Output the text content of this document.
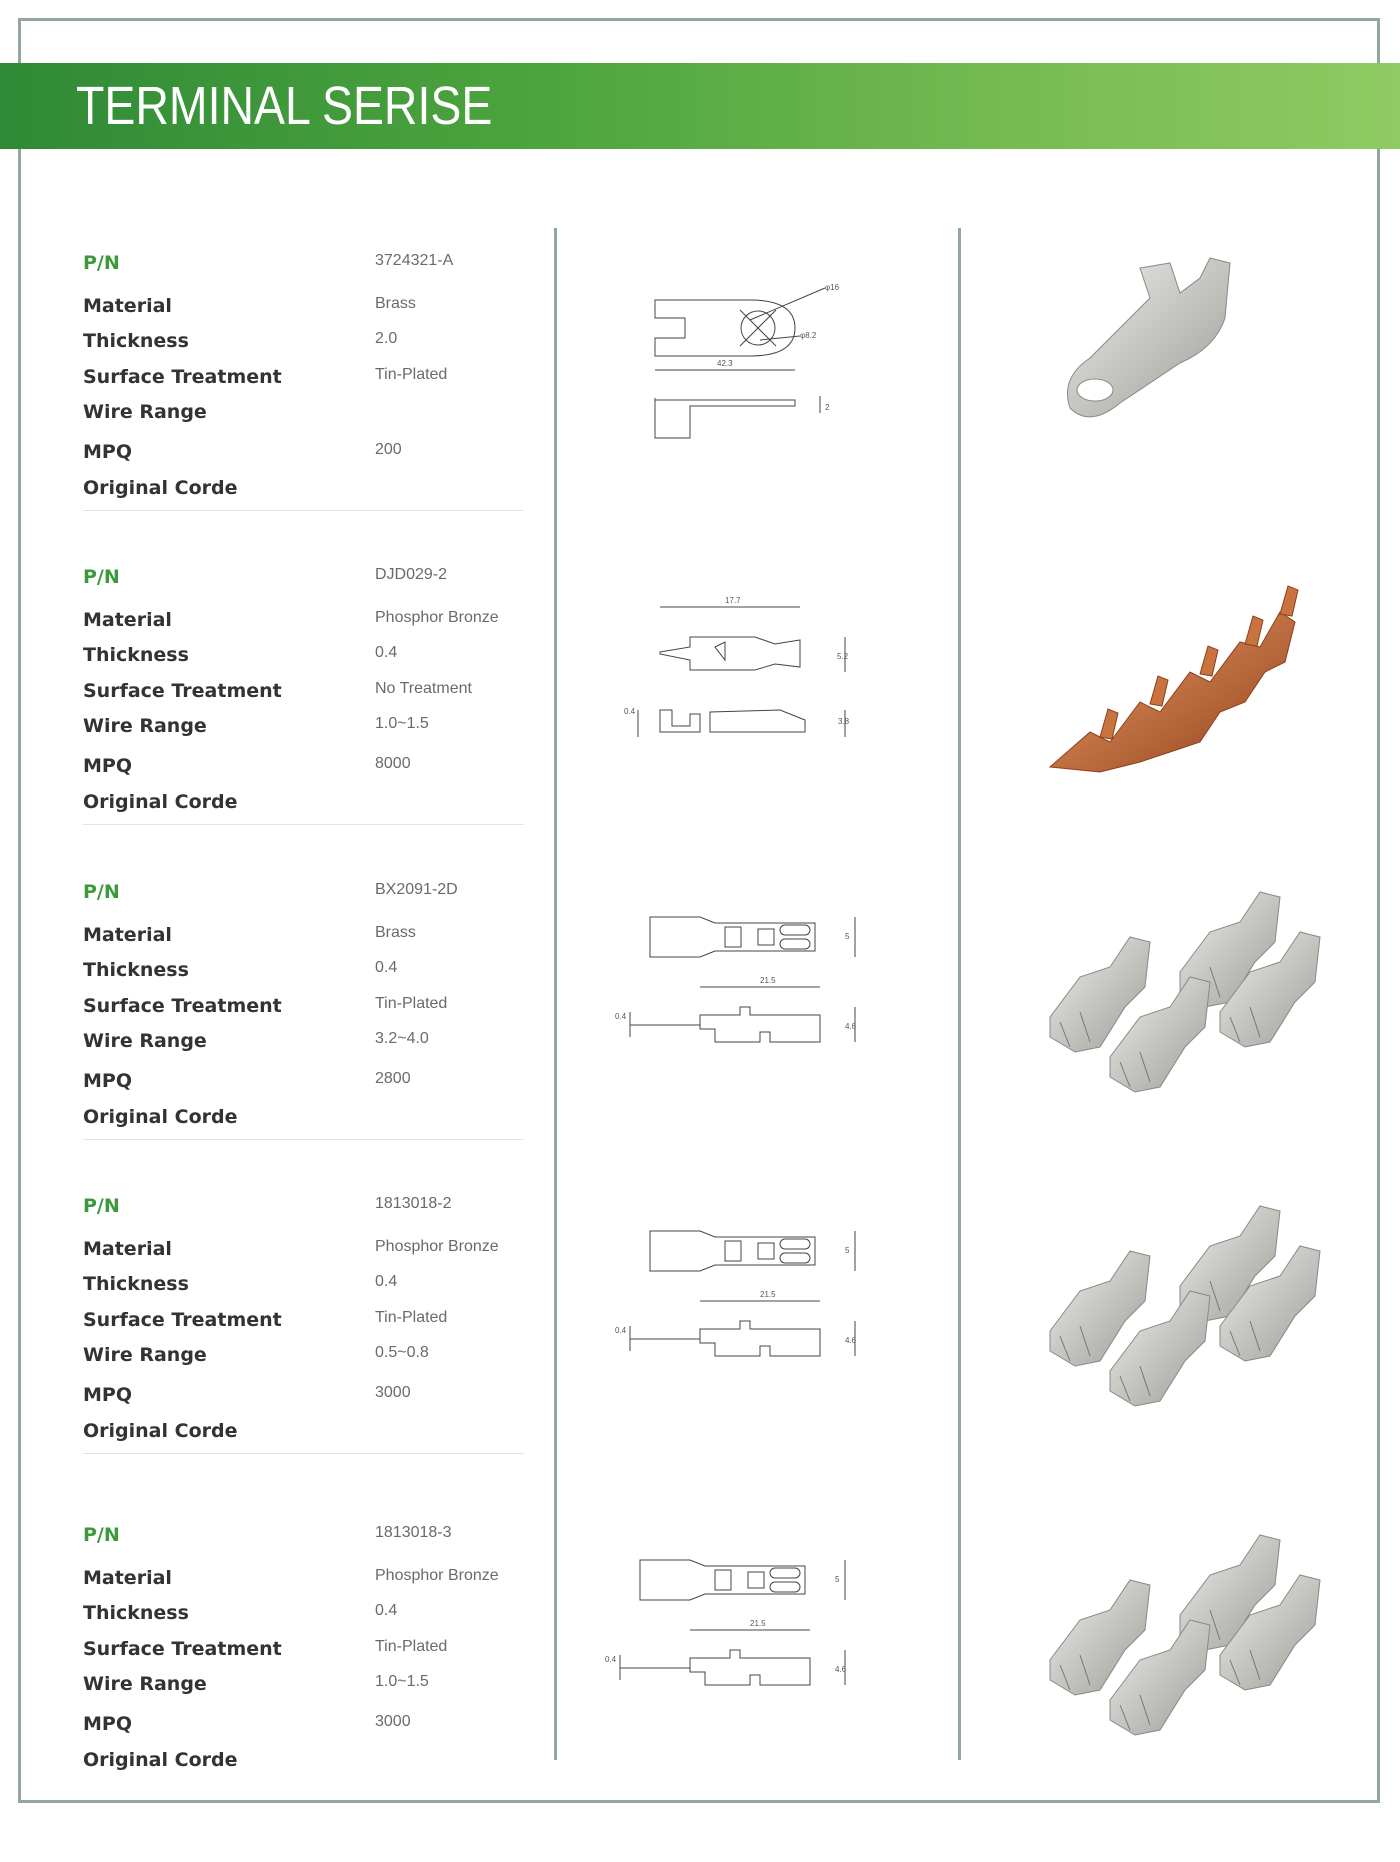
TERMINAL SERISE
P/N	3724321-A
Material	Brass
Thickness	2.0
Surface Treatment	Tin-Plated
Wire Range
MPQ	200
Original Corde
φ16
φ8.2
42.3
2
P/N	DJD029-2
Material	Phosphor Bronze
Thickness	0.4
Surface Treatment	No Treatment
Wire Range	1.0~1.5
MPQ	8000
Original Corde
17.7
5.2
0.4
3.8
P/N	BX2091-2D
Material	Brass
Thickness	0.4
Surface Treatment	Tin-Plated
Wire Range	3.2~4.0
MPQ	2800
Original Corde
5
21.5
0.4
4.6
P/N	1813018-2
Material	Phosphor Bronze
Thickness	0.4
Surface Treatment	Tin-Plated
Wire Range	0.5~0.8
MPQ	3000
Original Corde
5
21.5
0.4
4.6
P/N	1813018-3
Material	Phosphor Bronze
Thickness	0.4
Surface Treatment	Tin-Plated
Wire Range	1.0~1.5
MPQ	3000
Original Corde
5
21.5
0.4
4.6
